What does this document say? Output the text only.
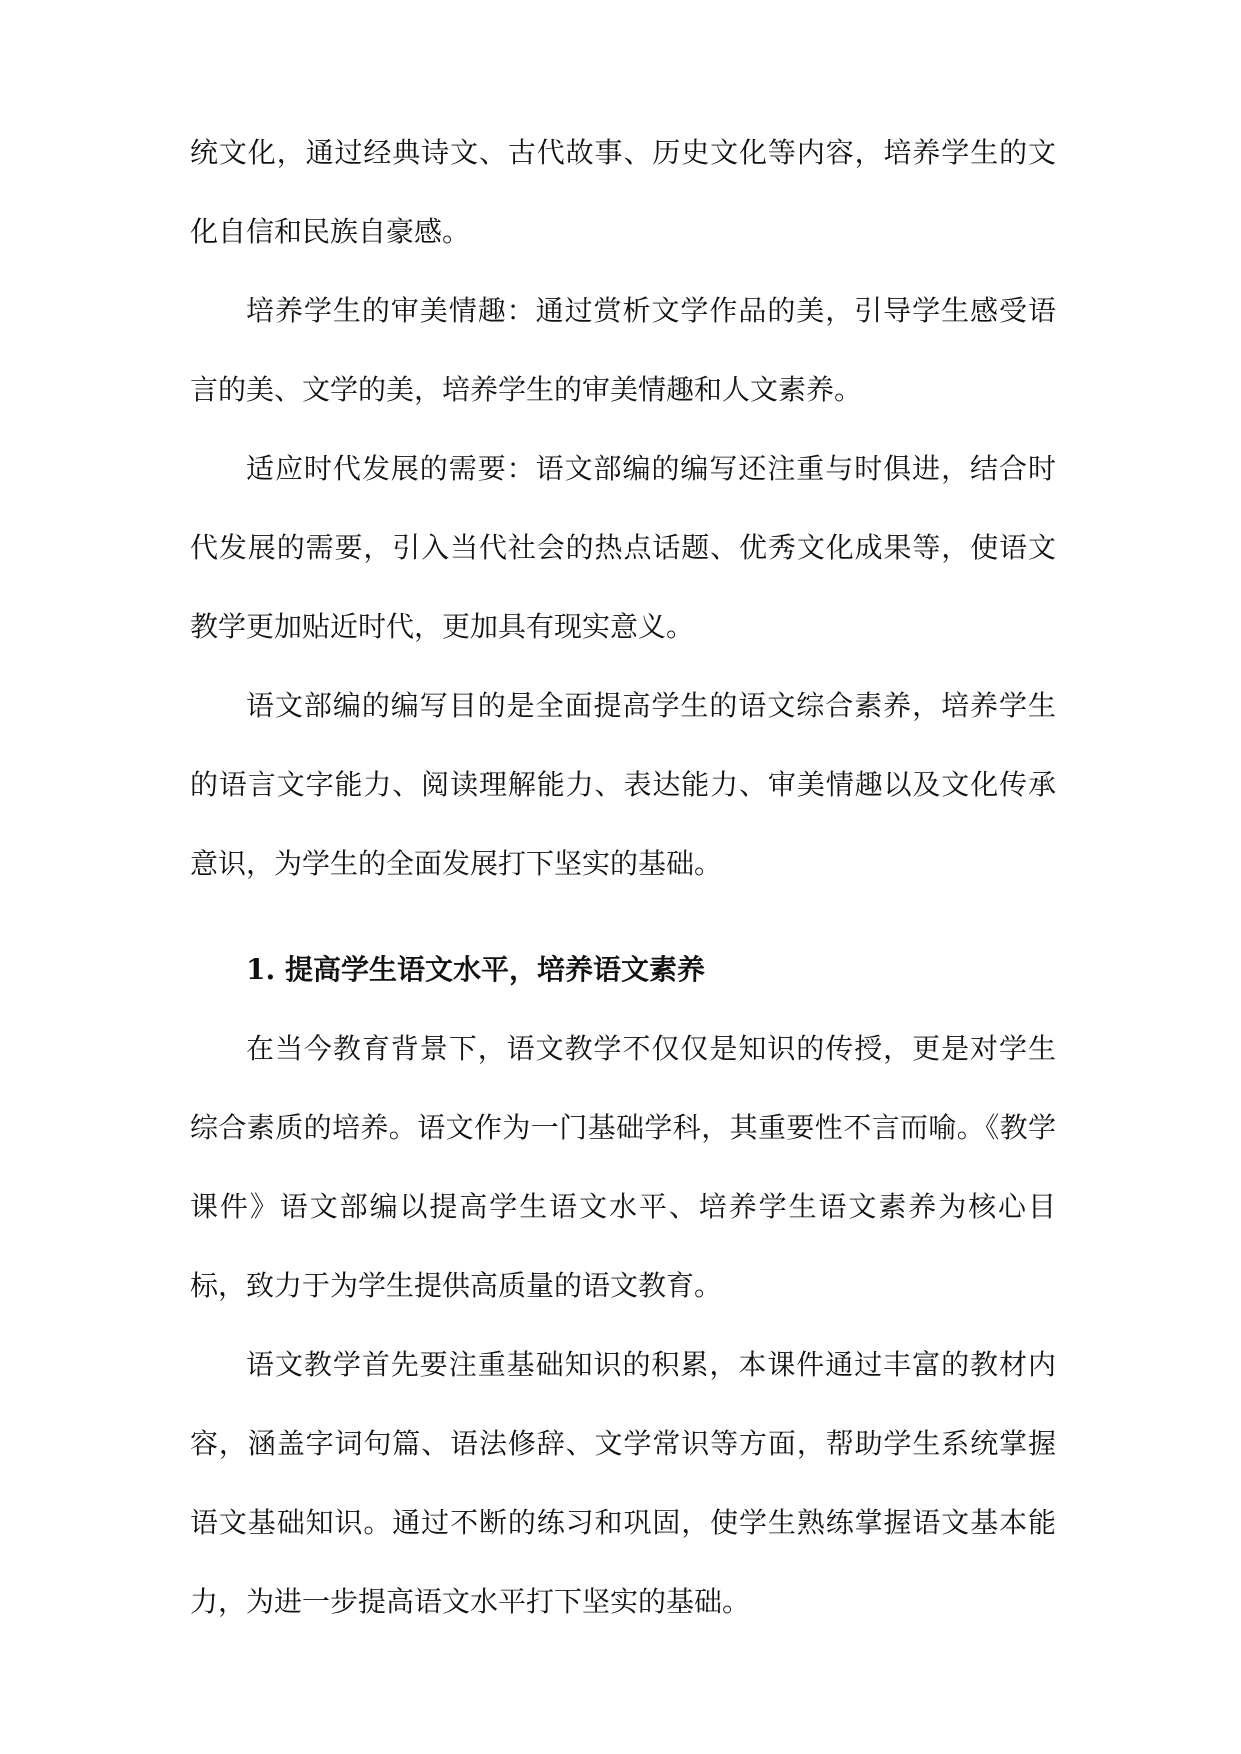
统文化，通过经典诗文、古代故事、历史文化等内容，培养学生的文化自信和民族自豪感。

培养学生的审美情趣：通过赏析文学作品的美，引导学生感受语言的美、文学的美，培养学生的审美情趣和人文素养。

适应时代发展的需要：语文部编的编写还注重与时俱进，结合时代发展的需要，引入当代社会的热点话题、优秀文化成果等，使语文教学更加贴近时代，更加具有现实意义。

语文部编的编写目的是全面提高学生的语文综合素养，培养学生的语言文字能力、阅读理解能力、表达能力、审美情趣以及文化传承意识，为学生的全面发展打下坚实的基础。

1. 提高学生语文水平，培养语文素养

在当今教育背景下，语文教学不仅仅是知识的传授，更是对学生综合素质的培养。语文作为一门基础学科，其重要性不言而喻。《教学课件》语文部编以提高学生语文水平、培养学生语文素养为核心目标，致力于为学生提供高质量的语文教育。

语文教学首先要注重基础知识的积累，本课件通过丰富的教材内容，涵盖字词句篇、语法修辞、文学常识等方面，帮助学生系统掌握语文基础知识。通过不断的练习和巩固，使学生熟练掌握语文基本能力，为进一步提高语文水平打下坚实的基础。
